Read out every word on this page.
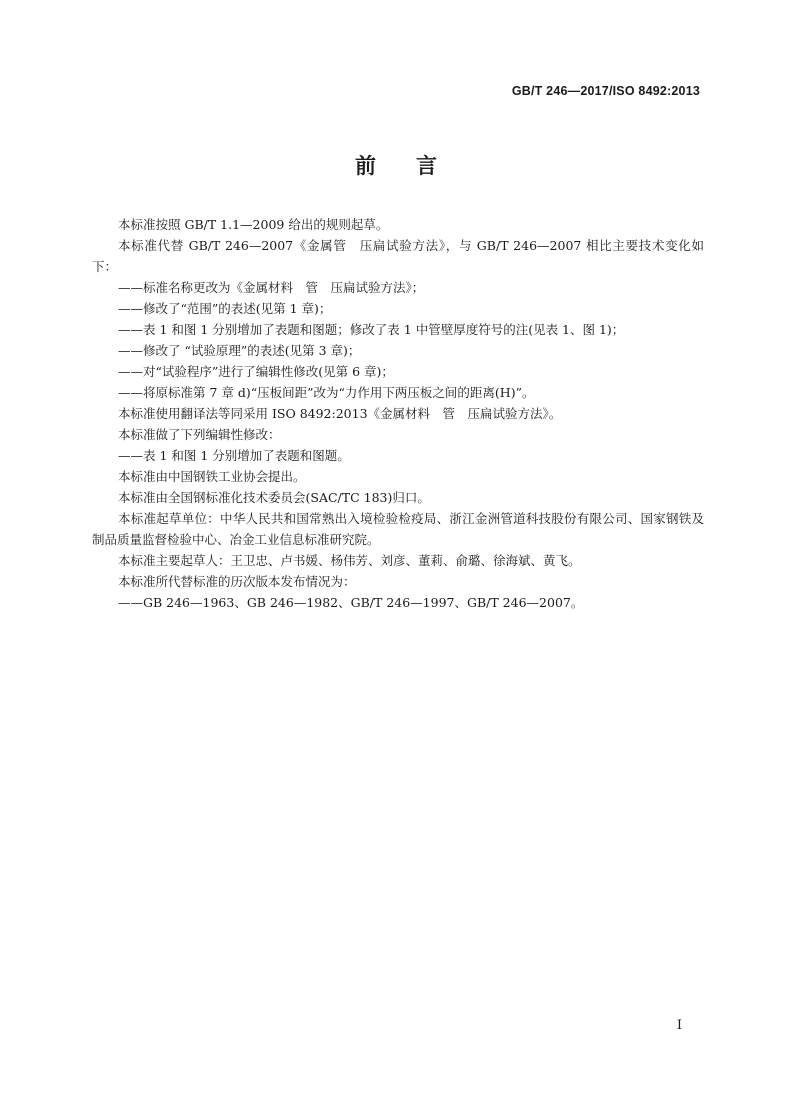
GB/T 246—2017/ISO 8492:2013
前言

本标准按照 GB/T 1.1—2009 给出的规则起草。

本标准代替 GB/T 246—2007《金属管　压扁试验方法》，与 GB/T 246—2007 相比主要技术变化如下：

——标准名称更改为《金属材料　管　压扁试验方法》；

——修改了“范围”的表述(见第 1 章)；

——表 1 和图 1 分别增加了表题和图题；修改了表 1 中管壁厚度符号的注(见表 1、图 1)；

——修改了 “试验原理”的表述(见第 3 章)；

——对“试验程序”进行了编辑性修改(见第 6 章)；

——将原标准第 7 章 d)“压板间距”改为“力作用下两压板之间的距离(H)”。

本标准使用翻译法等同采用 ISO 8492:2013《金属材料　管　压扁试验方法》。

本标准做了下列编辑性修改：

——表 1 和图 1 分别增加了表题和图题。

本标准由中国钢铁工业协会提出。

本标准由全国钢标准化技术委员会(SAC/TC 183)归口。

本标准起草单位：中华人民共和国常熟出入境检验检疫局、浙江金洲管道科技股份有限公司、国家钢铁及制品质量监督检验中心、冶金工业信息标准研究院。

本标准主要起草人：王卫忠、卢书媛、杨伟芳、刘彦、董莉、俞璐、徐海斌、黄飞。

本标准所代替标准的历次版本发布情况为：

——GB 246—1963、GB 246—1982、GB/T 246—1997、GB/T 246—2007。

I
